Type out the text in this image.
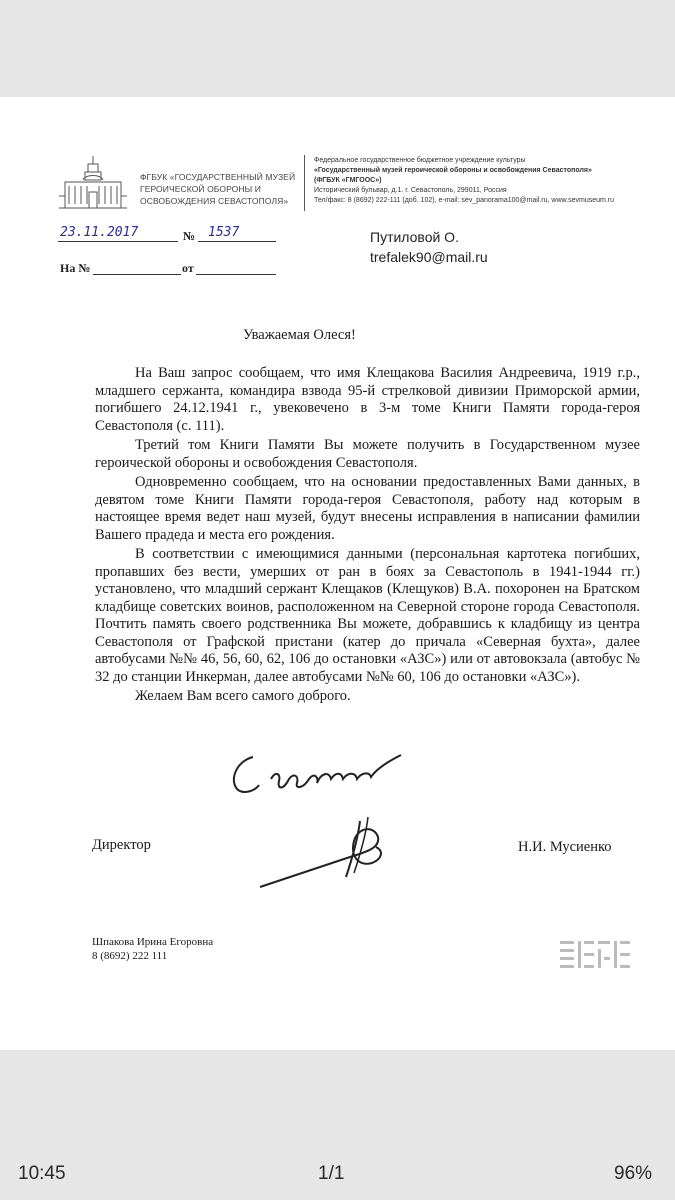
ФГБУК «ГОСУДАРСТВЕННЫЙ МУЗЕЙ ГЕРОИЧЕСКОЙ ОБОРОНЫ И ОСВОБОЖДЕНИЯ СЕВАСТОПОЛЯ»
Федеральное государственное бюджетное учреждение культуры
«Государственный музей героической обороны и освобождения Севастополя»
(ФГБУК «ГМГООС»)
Исторический бульвар, д.1. г. Севастополь, 299011, Россия
Тел/факс: 8 (8692) 222-111 (доб. 102), e-mail: sev_panorama100@mail.ru, www.sevmuseum.ru
23.11.2017	№ 1537
На №	от
Путиловой О.
trefalek90@mail.ru
Уважаемая Олеся!

На Ваш запрос сообщаем, что имя Клещакова Василия Андреевича, 1919 г.р., младшего сержанта, командира взвода 95-й стрелковой дивизии Приморской армии, погибшего 24.12.1941 г., увековечено в 3-м томе Книги Памяти города-героя Севастополя (с. 111).

Третий том Книги Памяти Вы можете получить в Государственном музее героической обороны и освобождения Севастополя.

Одновременно сообщаем, что на основании предоставленных Вами данных, в девятом томе Книги Памяти города-героя Севастополя, работу над которым в настоящее время ведет наш музей, будут внесены исправления в написании фамилии Вашего прадеда и места его рождения.

В соответствии с имеющимися данными (персональная картотека погибших, пропавших без вести, умерших от ран в боях за Севастополь в 1941-1944 гг.) установлено, что младший сержант Клещаков (Клещуков) В.А. похоронен на Братском кладбище советских воинов, расположенном на Северной стороне города Севастополя. Почтить память своего родственника Вы можете, добравшись к кладбищу из центра Севастополя от Графской пристани (катер до причала «Северная бухта», далее автобусами №№ 46, 56, 60, 62, 106 до остановки «АЗС») или от автовокзала (автобус № 32 до станции Инкерман, далее автобусами №№ 60, 106 до остановки «АЗС»).

Желаем Вам всего самого доброго.

Директор	Н.И. Мусиенко
Шпакова Ирина Егоровна
8 (8692) 222 111
10:45	1/1	96%
